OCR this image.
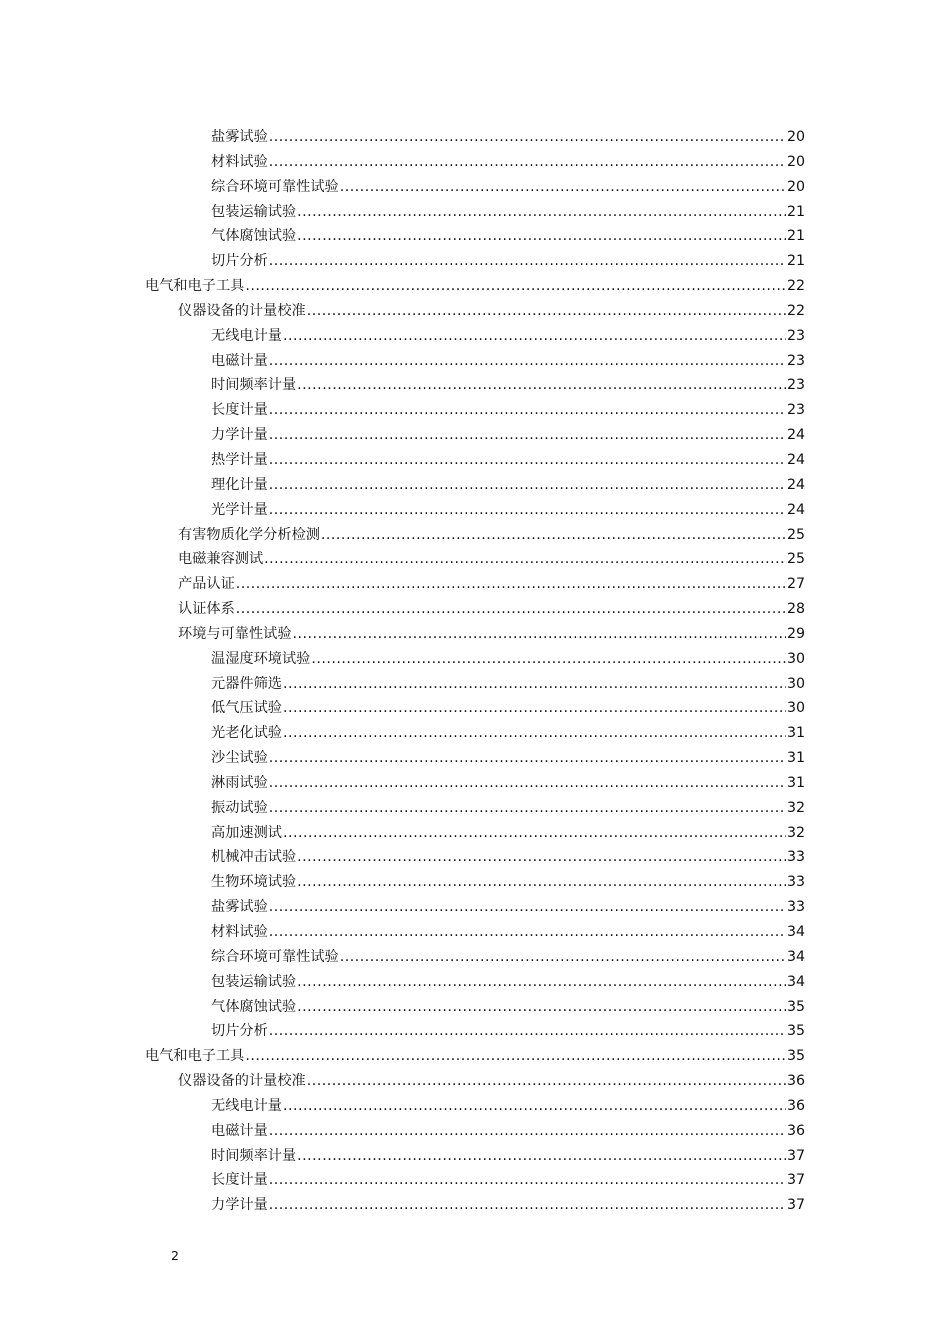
盐雾试验 .....	20
材料试验 .....	20
综合环境可靠性试验 .....	20
包装运输试验 .....	21
气体腐蚀试验 .....	21
切片分析 .....	21
电气和电子工具 .....	22
仪器设备的计量校准 .....	22
无线电计量 .....	23
电磁计量 .....	23
时间频率计量 .....	23
长度计量 .....	23
力学计量 .....	24
热学计量 .....	24
理化计量 .....	24
光学计量 .....	24
有害物质化学分析检测 .....	25
电磁兼容测试 .....	25
产品认证 .....	27
认证体系 .....	28
环境与可靠性试验 .....	29
温湿度环境试验 .....	30
元器件筛选 .....	30
低气压试验 .....	30
光老化试验 .....	31
沙尘试验 .....	31
淋雨试验 .....	31
振动试验 .....	32
高加速测试 .....	32
机械冲击试验 .....	33
生物环境试验 .....	33
盐雾试验 .....	33
材料试验 .....	34
综合环境可靠性试验 .....	34
包装运输试验 .....	34
气体腐蚀试验 .....	35
切片分析 .....	35
电气和电子工具 .....	35
仪器设备的计量校准 .....	36
无线电计量 .....	36
电磁计量 .....	36
时间频率计量 .....	37
长度计量 .....	37
力学计量 .....	37
2
